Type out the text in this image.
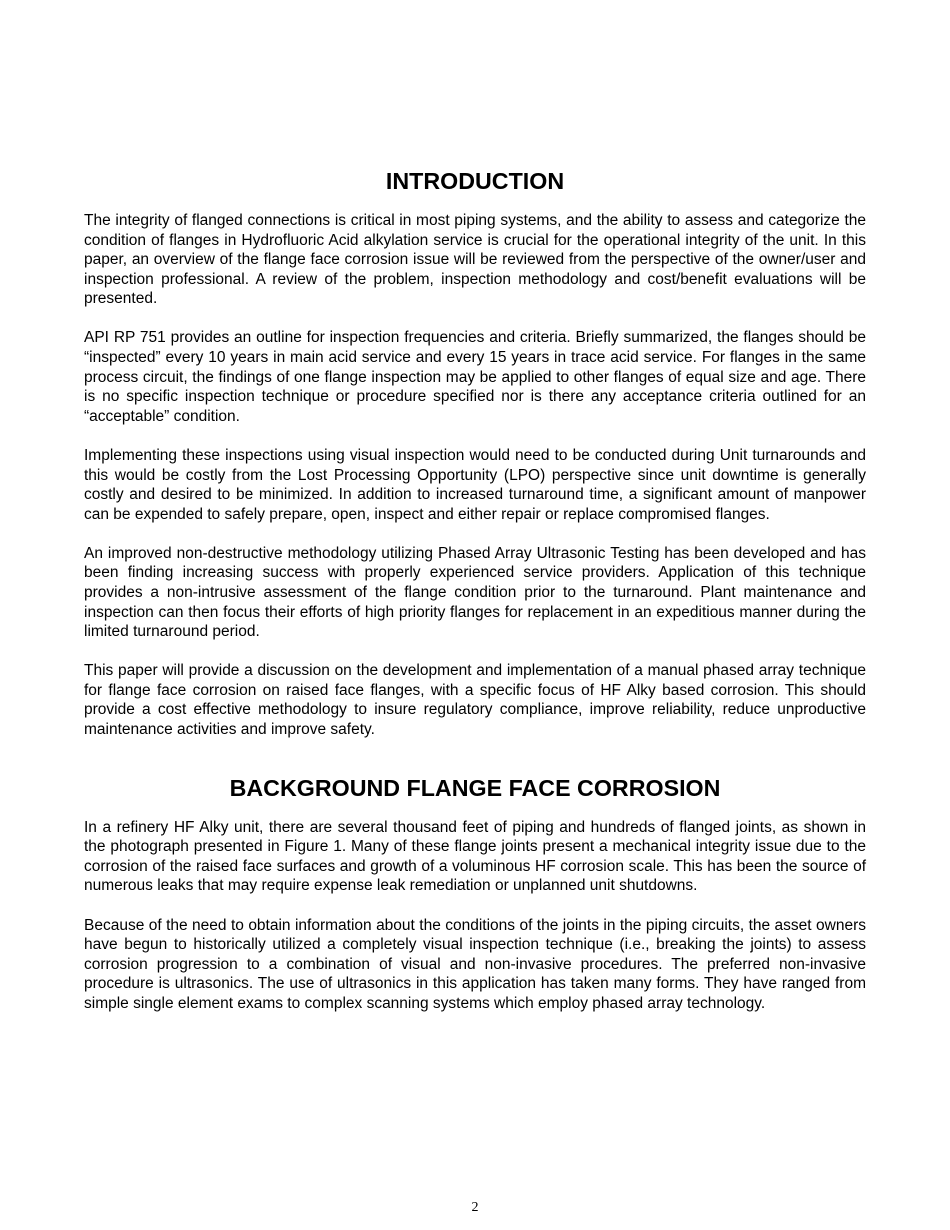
INTRODUCTION

The integrity of flanged connections is critical in most piping systems, and the ability to assess and categorize the condition of flanges in Hydrofluoric Acid alkylation service is crucial for the operational integrity of the unit. In this paper, an overview of the flange face corrosion issue will be reviewed from the perspective of the owner/user and inspection professional. A review of the problem, inspection methodology and cost/benefit evaluations will be presented.

API RP 751 provides an outline for inspection frequencies and criteria. Briefly summarized, the flanges should be “inspected” every 10 years in main acid service and every 15 years in trace acid service. For flanges in the same process circuit, the findings of one flange inspection may be applied to other flanges of equal size and age. There is no specific inspection technique or procedure specified nor is there any acceptance criteria outlined for an “acceptable” condition.

Implementing these inspections using visual inspection would need to be conducted during Unit turnarounds and this would be costly from the Lost Processing Opportunity (LPO) perspective since unit downtime is generally costly and desired to be minimized. In addition to increased turnaround time, a significant amount of manpower can be expended to safely prepare, open, inspect and either repair or replace compromised flanges.

An improved non-destructive methodology utilizing Phased Array Ultrasonic Testing has been developed and has been finding increasing success with properly experienced service providers. Application of this technique provides a non-intrusive assessment of the flange condition prior to the turnaround. Plant maintenance and inspection can then focus their efforts of high priority flanges for replacement in an expeditious manner during the limited turnaround period.

This paper will provide a discussion on the development and implementation of a manual phased array technique for flange face corrosion on raised face flanges, with a specific focus of HF Alky based corrosion. This should provide a cost effective methodology to insure regulatory compliance, improve reliability, reduce unproductive maintenance activities and improve safety.

BACKGROUND FLANGE FACE CORROSION

In a refinery HF Alky unit, there are several thousand feet of piping and hundreds of flanged joints, as shown in the photograph presented in Figure 1. Many of these flange joints present a mechanical integrity issue due to the corrosion of the raised face surfaces and growth of a voluminous HF corrosion scale. This has been the source of numerous leaks that may require expense leak remediation or unplanned unit shutdowns.

Because of the need to obtain information about the conditions of the joints in the piping circuits, the asset owners have begun to historically utilized a completely visual inspection technique (i.e., breaking the joints) to assess corrosion progression to a combination of visual and non-invasive procedures. The preferred non-invasive procedure is ultrasonics. The use of ultrasonics in this application has taken many forms. They have ranged from simple single element exams to complex scanning systems which employ phased array technology.

2
